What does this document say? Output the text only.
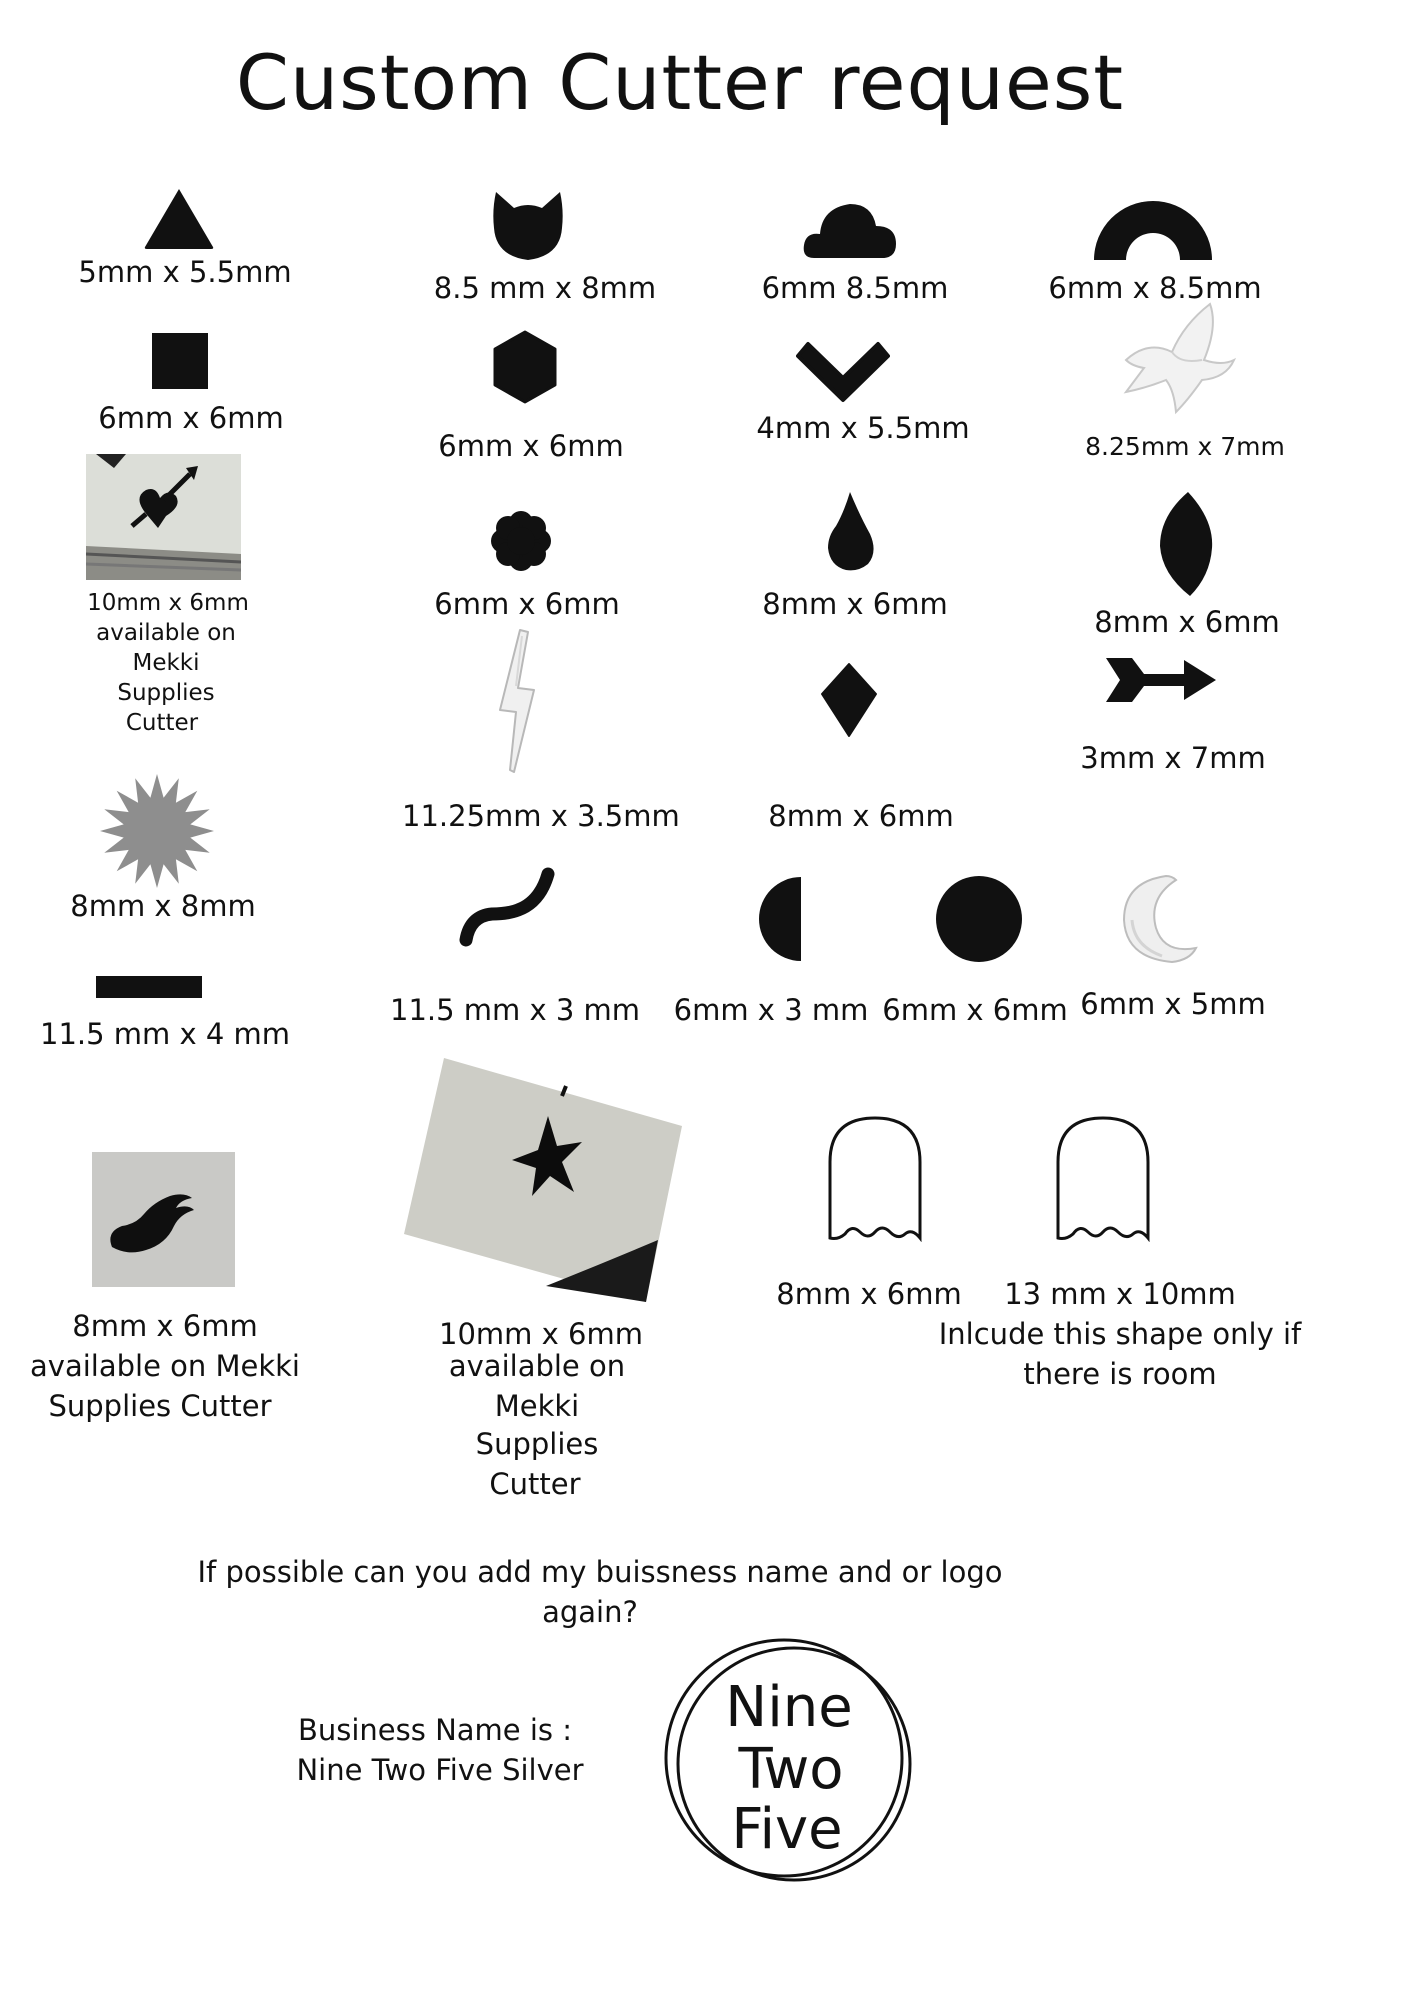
Custom Cutter request
5mm x 5.5mm	8.5 mm x 8mm	6mm 8.5mm	6mm x 8.5mm
6mm x 6mm
6mm x 6mm
4mm x 5.5mm
8.25mm x 7mm
10mm x 6mm
available on
Mekki
Supplies
Cutter
6mm x 6mm	8mm x 6mm
8mm x 6mm
11.25mm x 3.5mm	8mm x 6mm
3mm x 7mm
8mm x 8mm
11.5 mm x 4 mm
11.5 mm x 3 mm	6mm x 3 mm 6mm x 6mm 6mm x 5mm
8mm x 6mm
available on Mekki
Supplies Cutter
10mm x 6mm
available on
Mekki
Supplies
Cutter
8mm x 6mm	13 mm x 10mm
Inlcude this shape only if
there is room
If possible can you add my buissness name and or logo
again?
Business Name is :
Nine Two Five Silver
Nine
Two
Five
